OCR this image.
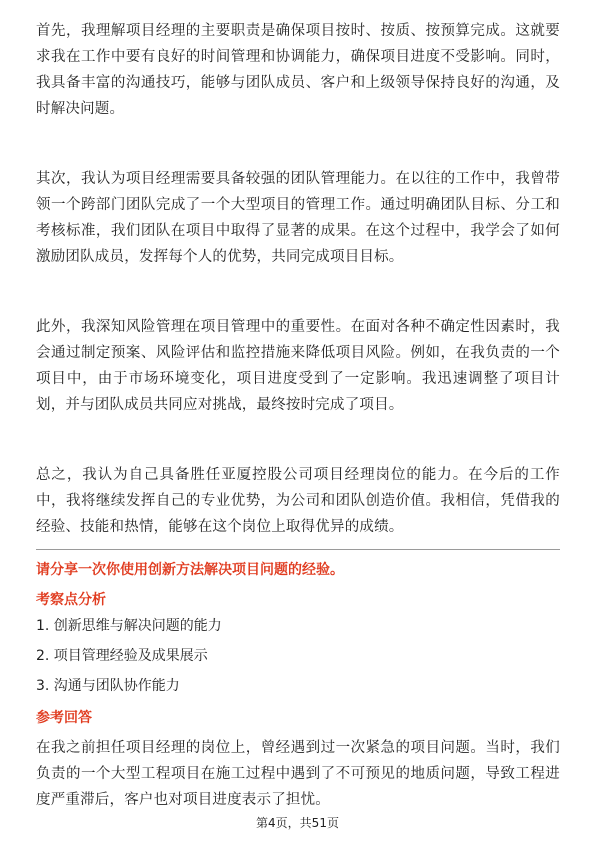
首先，我理解项目经理的主要职责是确保项目按时、按质、按预算完成。这就要求我在工作中要有良好的时间管理和协调能力，确保项目进度不受影响。同时，我具备丰富的沟通技巧，能够与团队成员、客户和上级领导保持良好的沟通，及时解决问题。

其次，我认为项目经理需要具备较强的团队管理能力。在以往的工作中，我曾带领一个跨部门团队完成了一个大型项目的管理工作。通过明确团队目标、分工和考核标准，我们团队在项目中取得了显著的成果。在这个过程中，我学会了如何激励团队成员，发挥每个人的优势，共同完成项目目标。

此外，我深知风险管理在项目管理中的重要性。在面对各种不确定性因素时，我会通过制定预案、风险评估和监控措施来降低项目风险。例如，在我负责的一个项目中，由于市场环境变化，项目进度受到了一定影响。我迅速调整了项目计划，并与团队成员共同应对挑战，最终按时完成了项目。

总之，我认为自己具备胜任亚厦控股公司项目经理岗位的能力。在今后的工作中，我将继续发挥自己的专业优势，为公司和团队创造价值。我相信，凭借我的经验、技能和热情，能够在这个岗位上取得优异的成绩。

请分享一次你使用创新方法解决项目问题的经验。

考察点分析

1. 创新思维与解决问题的能力

2. 项目管理经验及成果展示

3. 沟通与团队协作能力

参考回答

在我之前担任项目经理的岗位上，曾经遇到过一次紧急的项目问题。当时，我们负责的一个大型工程项目在施工过程中遇到了不可预见的地质问题，导致工程进度严重滞后，客户也对项目进度表示了担忧。

第4页，共51页
